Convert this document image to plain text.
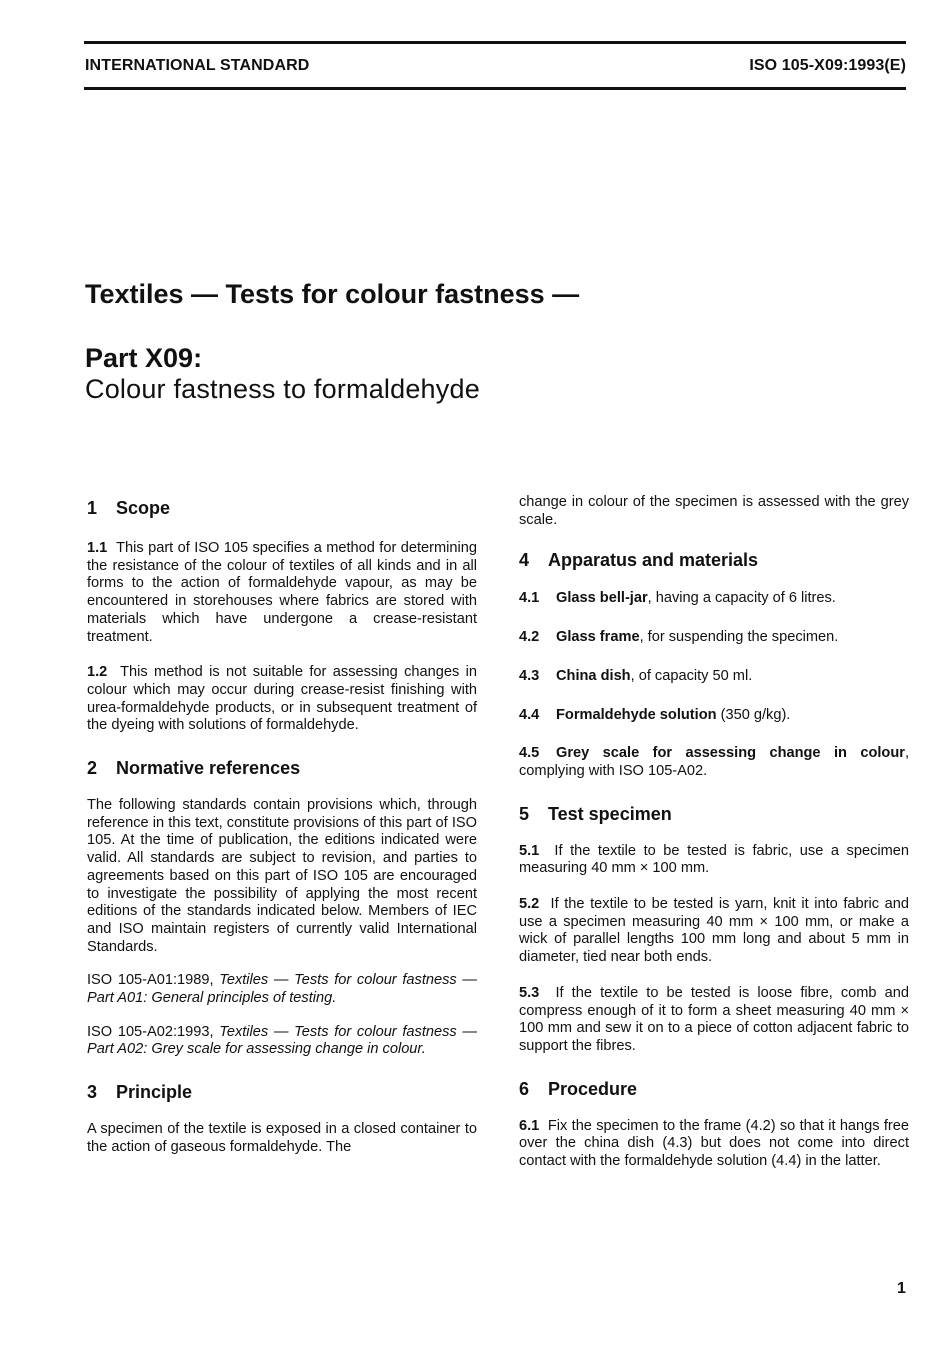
INTERNATIONAL STANDARD	ISO 105-X09:1993(E)
Textiles — Tests for colour fastness —
Part X09:
Colour fastness to formaldehyde
1 Scope

1.1 This part of ISO 105 specifies a method for determining the resistance of the colour of textiles of all kinds and in all forms to the action of formaldehyde vapour, as may be encountered in storehouses where fabrics are stored with materials which have undergone a crease-resistant treatment.

1.2 This method is not suitable for assessing changes in colour which may occur during crease-resist finishing with urea-formaldehyde products, or in subsequent treatment of the dyeing with solutions of formaldehyde.

2 Normative references

The following standards contain provisions which, through reference in this text, constitute provisions of this part of ISO 105. At the time of publication, the editions indicated were valid. All standards are subject to revision, and parties to agreements based on this part of ISO 105 are encouraged to investigate the possibility of applying the most recent editions of the standards indicated below. Members of IEC and ISO maintain registers of currently valid International Standards.

ISO 105-A01:1989, Textiles — Tests for colour fastness — Part A01: General principles of testing.

ISO 105-A02:1993, Textiles — Tests for colour fastness — Part A02: Grey scale for assessing change in colour.

3 Principle

A specimen of the textile is exposed in a closed container to the action of gaseous formaldehyde. The

change in colour of the specimen is assessed with the grey scale.

4 Apparatus and materials

4.1 Glass bell-jar, having a capacity of 6 litres.

4.2 Glass frame, for suspending the specimen.

4.3 China dish, of capacity 50 ml.

4.4 Formaldehyde solution (350 g/kg).

4.5 Grey scale for assessing change in colour, complying with ISO 105-A02.

5 Test specimen

5.1 If the textile to be tested is fabric, use a specimen measuring 40 mm × 100 mm.

5.2 If the textile to be tested is yarn, knit it into fabric and use a specimen measuring 40 mm × 100 mm, or make a wick of parallel lengths 100 mm long and about 5 mm in diameter, tied near both ends.

5.3 If the textile to be tested is loose fibre, comb and compress enough of it to form a sheet measuring 40 mm × 100 mm and sew it on to a piece of cotton adjacent fabric to support the fibres.

6 Procedure

6.1 Fix the specimen to the frame (4.2) so that it hangs free over the china dish (4.3) but does not come into direct contact with the formaldehyde solution (4.4) in the latter.

1
